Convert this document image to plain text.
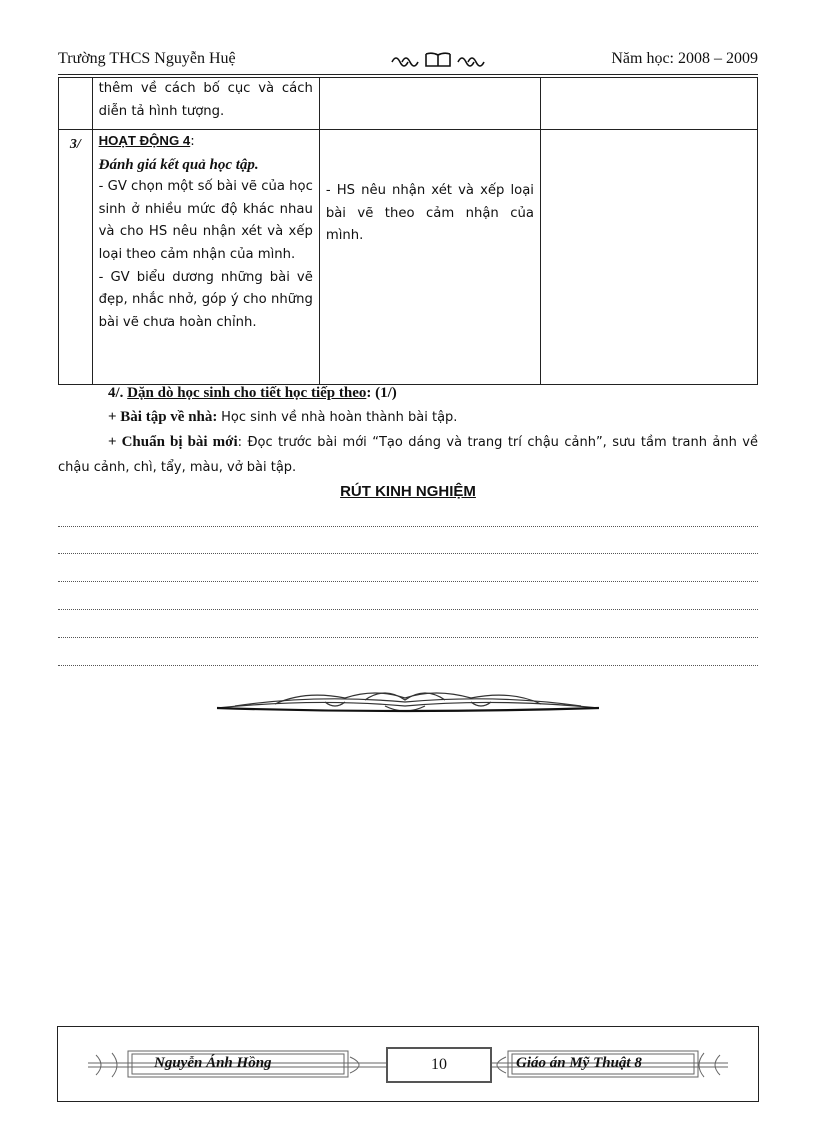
Trường THCS Nguyễn Huệ	Năm học: 2008 – 2009
	thêm về cách bố cục và cách diễn tả hình tượng.		
3/	HOẠT ĐỘNG 4:
Đánh giá kết quả học tập.
- GV chọn một số bài vẽ của học sinh ở nhiều mức độ khác nhau và cho HS nêu nhận xét và xếp loại theo cảm nhận của mình.
- GV biểu dương những bài vẽ đẹp, nhắc nhở, góp ý cho những bài vẽ chưa hoàn chỉnh.	- HS nêu nhận xét và xếp loại bài vẽ theo cảm nhận của mình.	

4/. Dặn dò học sinh cho tiết học tiếp theo: (1/)
+ Bài tập về nhà: Học sinh về nhà hoàn thành bài tập.
+ Chuẩn bị bài mới: Đọc trước bài mới “Tạo dáng và trang trí chậu cảnh”, sưu tầm tranh ảnh về chậu cảnh, chì, tẩy, màu, vở bài tập.
RÚT KINH NGHIỆM
Nguyễn Ánh Hồng	10	Giáo án Mỹ Thuật 8
